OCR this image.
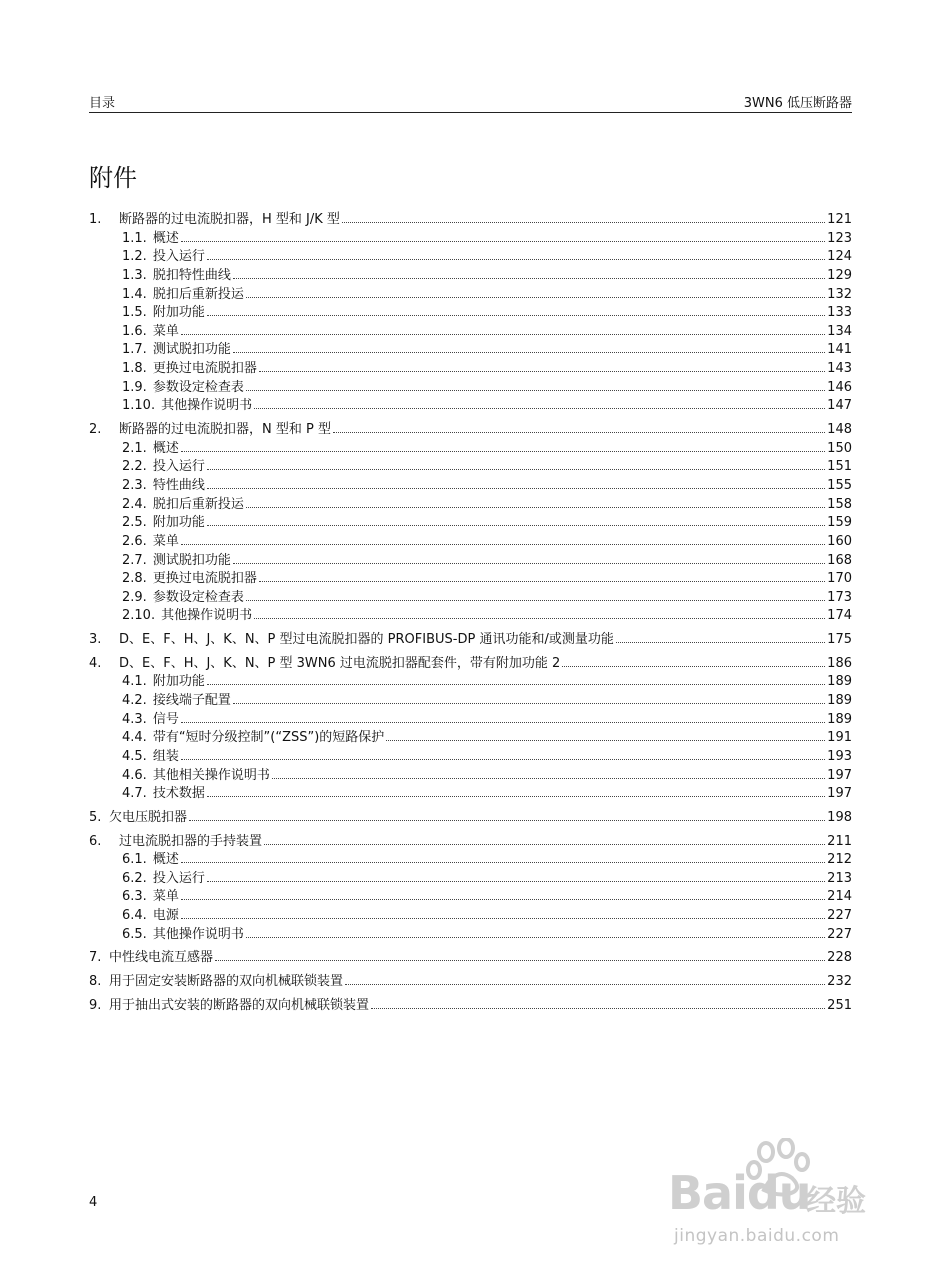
目录	3WN6 低压断路器
附件
1.	断路器的过电流脱扣器，H 型和 J/K 型	121
1.1. 概述	123
1.2. 投入运行	124
1.3. 脱扣特性曲线	129
1.4. 脱扣后重新投运	132
1.5. 附加功能	133
1.6. 菜单	134
1.7. 测试脱扣功能	141
1.8. 更换过电流脱扣器	143
1.9. 参数设定检查表	146
1.10. 其他操作说明书	147
2.	断路器的过电流脱扣器，N 型和 P 型	148
2.1. 概述	150
2.2. 投入运行	151
2.3. 特性曲线	155
2.4. 脱扣后重新投运	158
2.5. 附加功能	159
2.6. 菜单	160
2.7. 测试脱扣功能	168
2.8. 更换过电流脱扣器	170
2.9. 参数设定检查表	173
2.10. 其他操作说明书	174
3.	D、E、F、H、J、K、N、P 型过电流脱扣器的 PROFIBUS-DP 通讯功能和/或测量功能	175
4.	D、E、F、H、J、K、N、P 型 3WN6 过电流脱扣器配套件，带有附加功能 2	186
4.1. 附加功能	189
4.2. 接线端子配置	189
4.3. 信号	189
4.4. 带有“短时分级控制”(“ZSS”)的短路保护	191
4.5. 组装	193
4.6. 其他相关操作说明书	197
4.7. 技术数据	197
5. 欠电压脱扣器	198
6.	过电流脱扣器的手持装置	211
6.1. 概述	212
6.2. 投入运行	213
6.3. 菜单	214
6.4. 电源	227
6.5. 其他操作说明书	227
7. 中性线电流互感器	228
8. 用于固定安装断路器的双向机械联锁装置	232
9. 用于抽出式安装的断路器的双向机械联锁装置	251
4	Baidu
经验
jingyan.baidu.com
